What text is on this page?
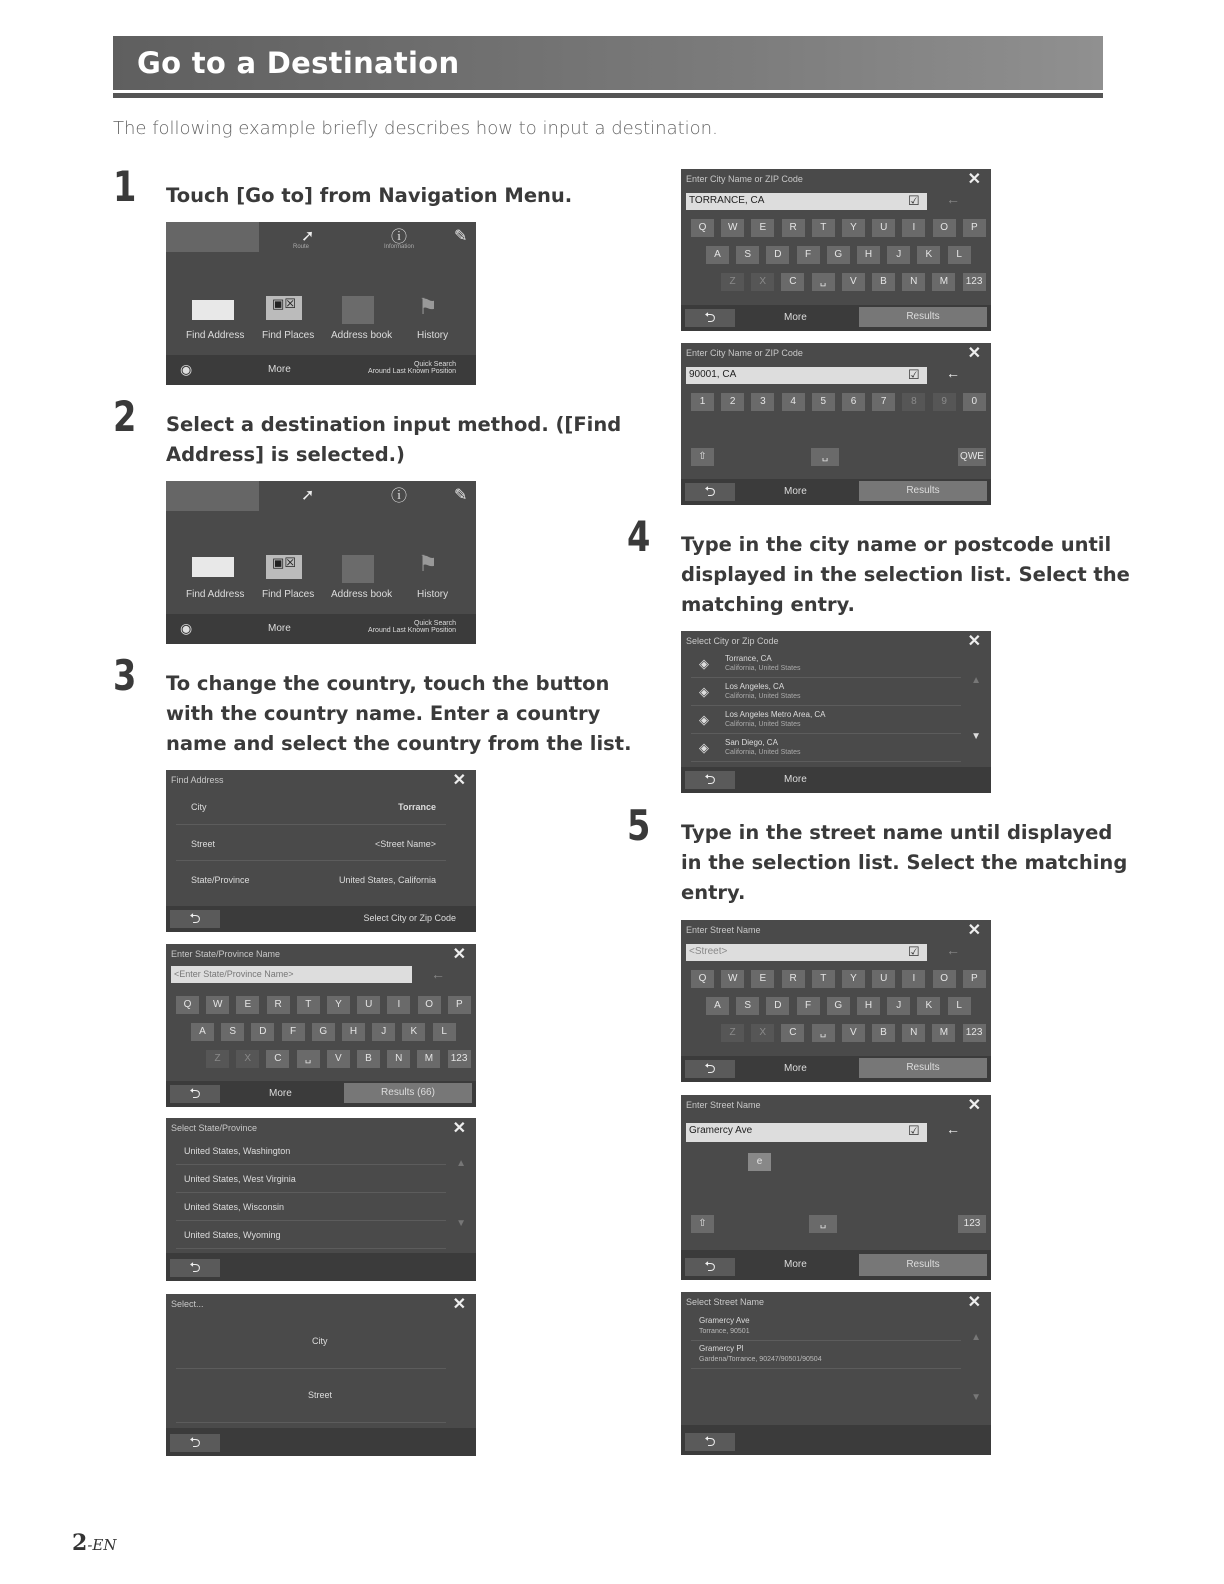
Go to a Destination
The following example briefly describes how to input a destination.
1 Touch [Go to] from Navigation Menu.
2 Select a destination input method. ([Find
Address] is selected.)
3 To change the country, touch the button
with the country name. Enter a country
name and select the country from the list.
4 Type in the city name or postcode until
displayed in the selection list. Select the
matching entry.
5 Type in the street name until displayed
in the selection list. Select the matching
entry.
➚
Route
ⓘ
Information
✎
▣☒	⚑
Find Address Find Places Address book History
◉	More	Quick Search
Around Last Known Position
➚	ⓘ	✎
▣☒	⚑
Find Address Find Places Address book History
◉	More	Quick Search
Around Last Known Position
Find Address	✕
City	Torrance
Street	<Street Name>
State/Province	United States, California
⮌	Select City or Zip Code
Enter State/Province Name	✕
<Enter State/Province Name>	←
Q	W	E	R	T	Y	U	I	O	P
A	S	D	F	G	H	J	K	L
Z	X	C	␣	V	B	N	M	123
⮌	More	Results (66)
Select State/Province	✕
United States, Washington
United States, West Virginia
United States, Wisconsin
United States, Wyoming
▲
▼
⮌
Select...	✕
City
Street
⮌
Enter City Name or ZIP Code	✕
TORRANCE, CA	☑ ←
Q	W	E	R	T	Y	U	I	O	P
A	S	D	F	G	H	J	K	L
Z	X	C	␣	V	B	N	M	123
⮌	More	Results
Enter City Name or ZIP Code	✕
90001, CA	☑ ←
1	2	3	4	5	6	7	8	9	0
⇧	␣	QWE
⮌	More	Results
Select City or Zip Code	✕
◈ Torrance, CA
California, United States
◈ Los Angeles, CA
California, United States
◈ Los Angeles Metro Area, CA
California, United States
◈ San Diego, CA
California, United States
▲
▼
⮌	More
Enter Street Name	✕
<Street>	☑ ←
Q	W	E	R	T	Y	U	I	O	P
A	S	D	F	G	H	J	K	L
Z	X	C	␣	V	B	N	M	123
⮌	More	Results
Enter Street Name	✕
Gramercy Ave	☑ ←
e
⇧	␣	123
⮌	More	Results
Select Street Name	✕
Gramercy Ave
Torrance, 90501
Gramercy Pl
Gardena/Torrance, 90247/90501/90504
▲
▼
⮌
2-EN
